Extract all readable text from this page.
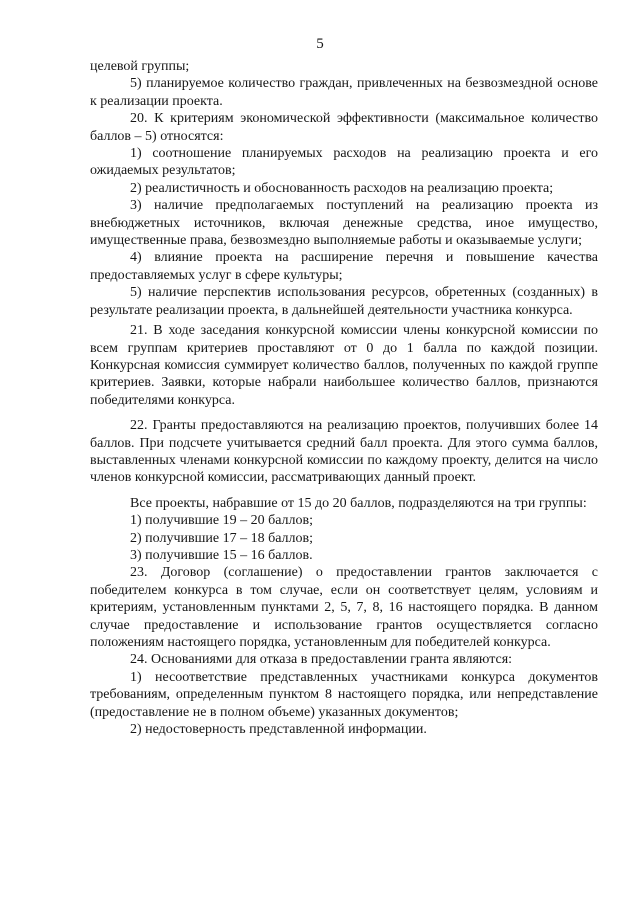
5

целевой группы;

5) планируемое количество граждан, привлеченных на безвозмездной основе к реализации проекта.

20. К критериям экономической эффективности (максимальное количество баллов – 5) относятся:

1) соотношение планируемых расходов на реализацию проекта и его ожидаемых результатов;

2) реалистичность и обоснованность расходов на реализацию проекта;

3) наличие предполагаемых поступлений на реализацию проекта из внебюджетных источников, включая денежные средства, иное имущество, имущественные права, безвозмездно выполняемые работы и оказываемые услуги;

4) влияние проекта на расширение перечня и повышение качества предоставляемых услуг в сфере культуры;

5) наличие перспектив использования ресурсов, обретенных (созданных) в результате реализации проекта, в дальнейшей деятельности участника конкурса.

21. В ходе заседания конкурсной комиссии члены конкурсной комиссии по всем группам критериев проставляют от 0 до 1 балла по каждой позиции. Конкурсная комиссия суммирует количество баллов, полученных по каждой группе критериев. Заявки, которые набрали наибольшее количество баллов, признаются победителями конкурса.

22. Гранты предоставляются на реализацию проектов, получивших более 14 баллов. При подсчете учитывается средний балл проекта. Для этого сумма баллов, выставленных членами конкурсной комиссии по каждому проекту, делится на число членов конкурсной комиссии, рассматривающих данный проект.

Все проекты, набравшие от 15 до 20 баллов, подразделяются на три группы:

1) получившие 19 – 20 баллов;

2) получившие 17 – 18 баллов;

3) получившие 15 – 16 баллов.

23. Договор (соглашение) о предоставлении грантов заключается с победителем конкурса в том случае, если он соответствует целям, условиям и критериям, установленным пунктами 2, 5, 7, 8, 16 настоящего порядка. В данном случае предоставление и использование грантов осуществляется согласно положениям настоящего порядка, установленным для победителей конкурса.

24. Основаниями для отказа в предоставлении гранта являются:

1) несоответствие представленных участниками конкурса документов требованиям, определенным пунктом 8 настоящего порядка, или непредставление (предоставление не в полном объеме) указанных документов;

2) недостоверность представленной информации.
